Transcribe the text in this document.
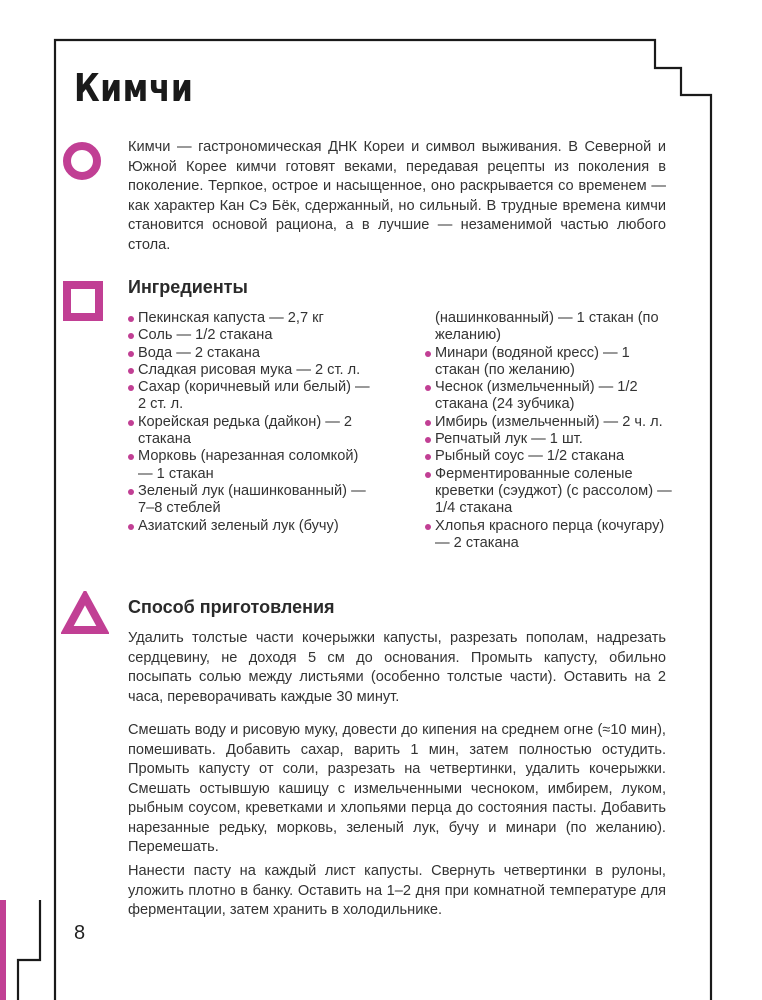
Кимчи
Кимчи — гастрономическая ДНК Кореи и символ выживания. В Северной и Южной Корее кимчи готовят веками, передавая рецепты из поколения в поколение. Терпкое, острое и насыщенное, оно раскрывается со временем — как характер Кан Сэ Бёк, сдержанный, но сильный. В трудные времена кимчи становится основой рациона, а в лучшие — незаменимой частью любого стола.
Ингредиенты
Пекинская капуста — 2,7 кг
Соль — 1/2 стакана
Вода — 2 стакана
Сладкая рисовая мука — 2 ст. л.
Сахар (коричневый или белый) — 2 ст. л.
Корейская редька (дайкон) — 2 стакана
Морковь (нарезанная соломкой) — 1 стакан
Зеленый лук (нашинкованный) — 7–8 стеблей
Азиатский зеленый лук (бучу)
(нашинкованный) — 1 стакан (по желанию)
Минари (водяной кресс) — 1 стакан (по желанию)
Чеснок (измельченный) — 1/2 стакана (24 зубчика)
Имбирь (измельченный) — 2 ч. л.
Репчатый лук — 1 шт.
Рыбный соус — 1/2 стакана
Ферментированные соленые креветки (сэуджот) (с рассолом) — 1/4 стакана
Хлопья красного перца (кочугару) — 2 стакана
Способ приготовления
Удалить толстые части кочерыжки капусты, разрезать пополам, надрезать сердцевину, не доходя 5 см до основания. Промыть капусту, обильно посыпать солью между листьями (особенно толстые части). Оставить на 2 часа, переворачивать каждые 30 минут.
Смешать воду и рисовую муку, довести до кипения на среднем огне (≈10 мин), помешивать. Добавить сахар, варить 1 мин, затем полностью остудить. Промыть капусту от соли, разрезать на четвертинки, удалить кочерыжки. Смешать остывшую кашицу с измельченными чесноком, имбирем, луком, рыбным соусом, креветками и хлопьями перца до состояния пасты. Добавить нарезанные редьку, морковь, зеленый лук, бучу и минари (по желанию). Перемешать.
Нанести пасту на каждый лист капусты. Свернуть четвертинки в рулоны, уложить плотно в банку. Оставить на 1–2 дня при комнатной температуре для ферментации, затем хранить в холодильнике.
8
